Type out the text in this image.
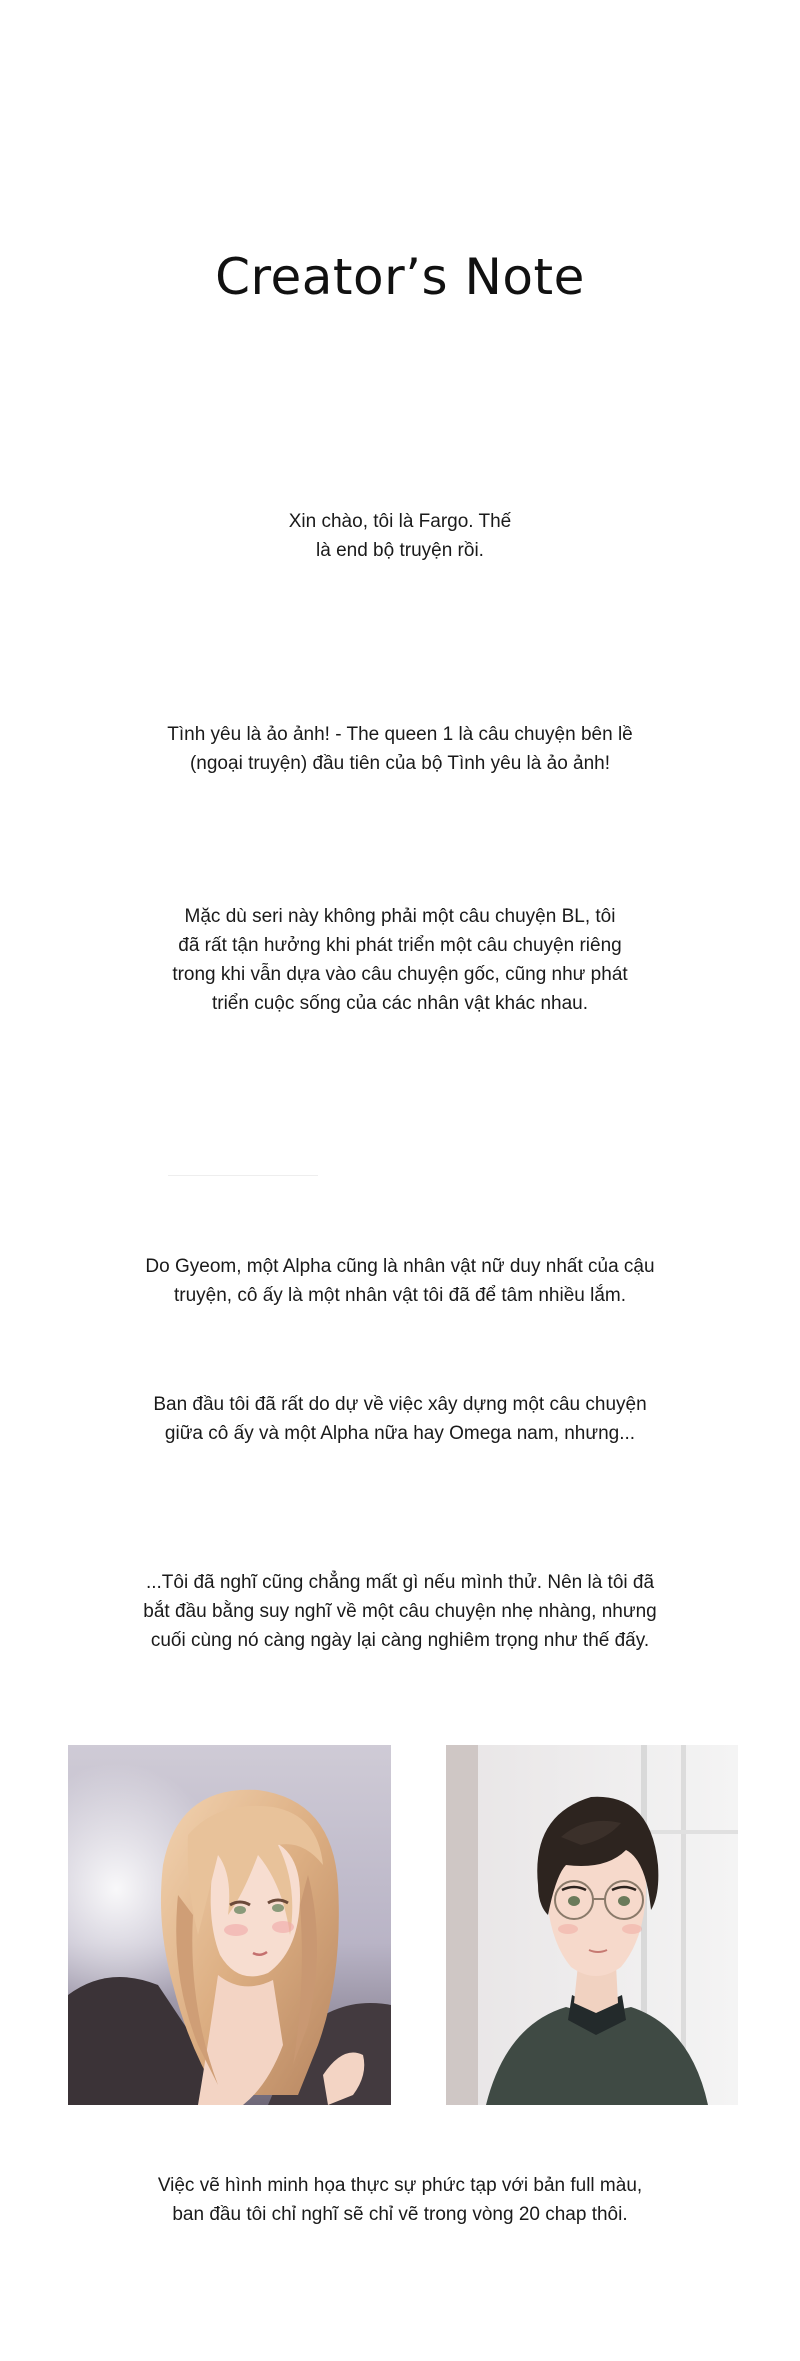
Creator’s Note
Xin chào, tôi là Fargo. Thế
là end bộ truyện rồi.
Tình yêu là ảo ảnh! - The queen 1 là câu chuyện bên lề
(ngoại truyện) đầu tiên của bộ Tình yêu là ảo ảnh!
Mặc dù seri này không phải một câu chuyện BL, tôi
đã rất tận hưởng khi phát triển một câu chuyện riêng
trong khi vẫn dựa vào câu chuyện gốc, cũng như phát
triển cuộc sống của các nhân vật khác nhau.
Do Gyeom, một Alpha cũng là nhân vật nữ duy nhất của cậu
truyện, cô ấy là một nhân vật tôi đã để tâm nhiều lắm.
Ban đầu tôi đã rất do dự về việc xây dựng một câu chuyện
giữa cô ấy và một Alpha nữa hay Omega nam, nhưng...
...Tôi đã nghĩ cũng chẳng mất gì nếu mình thử. Nên là tôi đã
bắt đầu bằng suy nghĩ về một câu chuyện nhẹ nhàng, nhưng
cuối cùng nó càng ngày lại càng nghiêm trọng như thế đấy.
Việc vẽ hình minh họa thực sự phức tạp với bản full màu,
ban đầu tôi chỉ nghĩ sẽ chỉ vẽ trong vòng 20 chap thôi.
